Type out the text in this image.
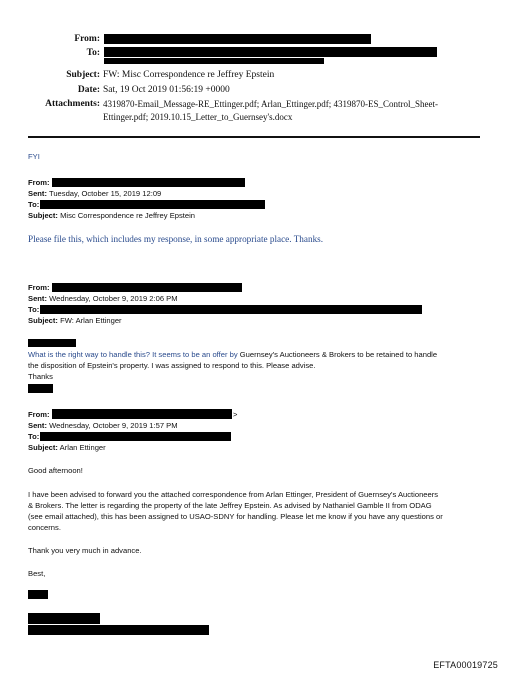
From:
To:
Subject: FW: Misc Correspondence re Jeffrey Epstein
Date: Sat, 19 Oct 2019 01:56:19 +0000
Attachments: 4319870-Email_Message-RE_Ettinger.pdf; Arlan_Ettinger.pdf; 4319870-ES_Control_Sheet-
Ettinger.pdf; 2019.10.15_Letter_to_Guernsey's.docx
FYI
From:
Sent: Tuesday, October 15, 2019 12:09
To:
Subject: Misc Correspondence re Jeffrey Epstein
Please file this, which includes my response, in some appropriate place. Thanks.
From:
Sent: Wednesday, October 9, 2019 2:06 PM
To:
Subject: FW: Arlan Ettinger
What is the right way to handle this? It seems to be an offer by Guernsey's Auctioneers & Brokers to be retained to handle
the disposition of Epstein's property. I was assigned to respond to this. Please advise.
Thanks
From:	>
Sent: Wednesday, October 9, 2019 1:57 PM
To:
Subject: Arlan Ettinger
Good afternoon!
I have been advised to forward you the attached correspondence from Arlan Ettinger, President of Guernsey's Auctioneers
& Brokers. The letter is regarding the property of the late Jeffrey Epstein. As advised by Nathaniel Gamble II from ODAG
(see email attached), this has been assigned to USAO-SDNY for handling. Please let me know if you have any questions or
concerns.
Thank you very much in advance.
Best,
EFTA00019725
